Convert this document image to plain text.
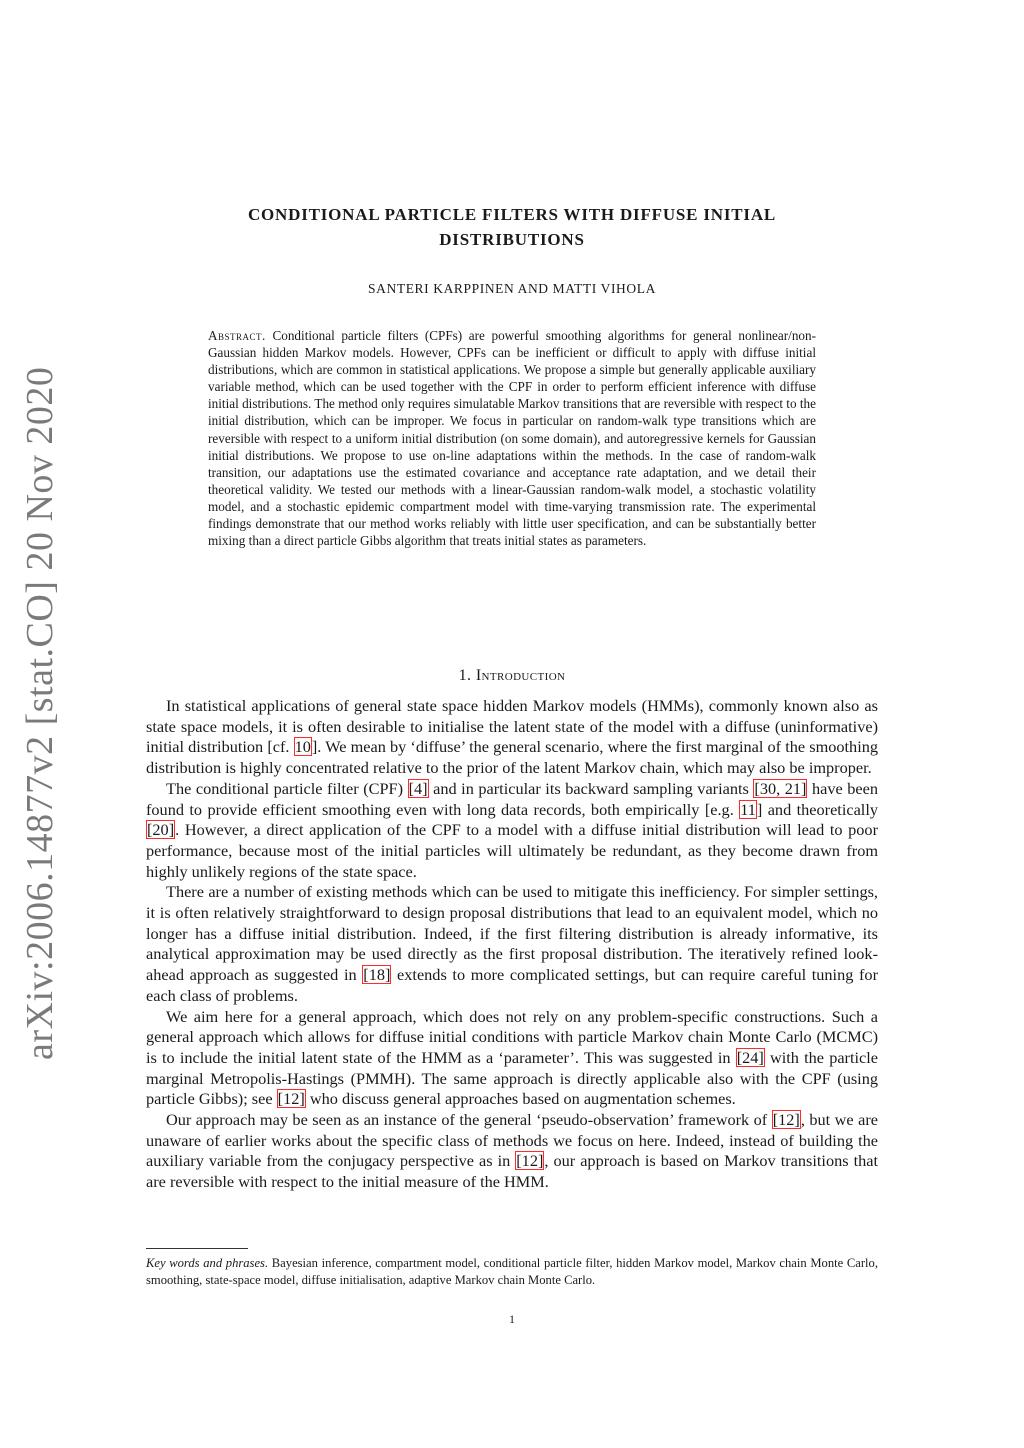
arXiv:2006.14877v2 [stat.CO] 20 Nov 2020
CONDITIONAL PARTICLE FILTERS WITH DIFFUSE INITIAL
DISTRIBUTIONS
SANTERI KARPPINEN AND MATTI VIHOLA
Abstract. Conditional particle filters (CPFs) are powerful smoothing algorithms for general nonlinear/non-Gaussian hidden Markov models. However, CPFs can be inefficient or difficult to apply with diffuse initial distributions, which are common in statistical applications. We propose a simple but generally applicable auxiliary variable method, which can be used together with the CPF in order to perform efficient inference with diffuse initial distributions. The method only requires simulatable Markov transitions that are reversible with respect to the initial distribution, which can be improper. We focus in particular on random-walk type transitions which are reversible with respect to a uniform initial distribution (on some domain), and autoregressive kernels for Gaussian initial distributions. We propose to use on-line adaptations within the methods. In the case of random-walk transition, our adaptations use the estimated covariance and acceptance rate adaptation, and we detail their theoretical validity. We tested our methods with a linear-Gaussian random-walk model, a stochastic volatility model, and a stochastic epidemic compartment model with time-varying transmission rate. The experimental findings demonstrate that our method works reliably with little user specification, and can be substantially better mixing than a direct particle Gibbs algorithm that treats initial states as parameters.
1. Introduction

In statistical applications of general state space hidden Markov models (HMMs), commonly known also as state space models, it is often desirable to initialise the latent state of the model with a diffuse (uninformative) initial distribution [cf. 10]. We mean by ‘diffuse’ the general scenario, where the first marginal of the smoothing distribution is highly concentrated relative to the prior of the latent Markov chain, which may also be improper.

The conditional particle filter (CPF) [4] and in particular its backward sampling variants [30, 21] have been found to provide efficient smoothing even with long data records, both empirically [e.g. 11] and theoretically [20]. However, a direct application of the CPF to a model with a diffuse initial distribution will lead to poor performance, because most of the initial particles will ultimately be redundant, as they become drawn from highly unlikely regions of the state space.

There are a number of existing methods which can be used to mitigate this inefficiency. For simpler settings, it is often relatively straightforward to design proposal distributions that lead to an equivalent model, which no longer has a diffuse initial distribution. Indeed, if the first filtering distribution is already informative, its analytical approximation may be used directly as the first proposal distribution. The iteratively refined look-ahead approach as suggested in [18] extends to more complicated settings, but can require careful tuning for each class of problems.

We aim here for a general approach, which does not rely on any problem-specific constructions. Such a general approach which allows for diffuse initial conditions with particle Markov chain Monte Carlo (MCMC) is to include the initial latent state of the HMM as a ‘parameter’. This was suggested in [24] with the particle marginal Metropolis-Hastings (PMMH). The same approach is directly applicable also with the CPF (using particle Gibbs); see [12] who discuss general approaches based on augmentation schemes.

Our approach may be seen as an instance of the general ‘pseudo-observation’ framework of [12], but we are unaware of earlier works about the specific class of methods we focus on here. Indeed, instead of building the auxiliary variable from the conjugacy perspective as in [12], our approach is based on Markov transitions that are reversible with respect to the initial measure of the HMM.

Key words and phrases. Bayesian inference, compartment model, conditional particle filter, hidden Markov model, Markov chain Monte Carlo, smoothing, state-space model, diffuse initialisation, adaptive Markov chain Monte Carlo.
1
